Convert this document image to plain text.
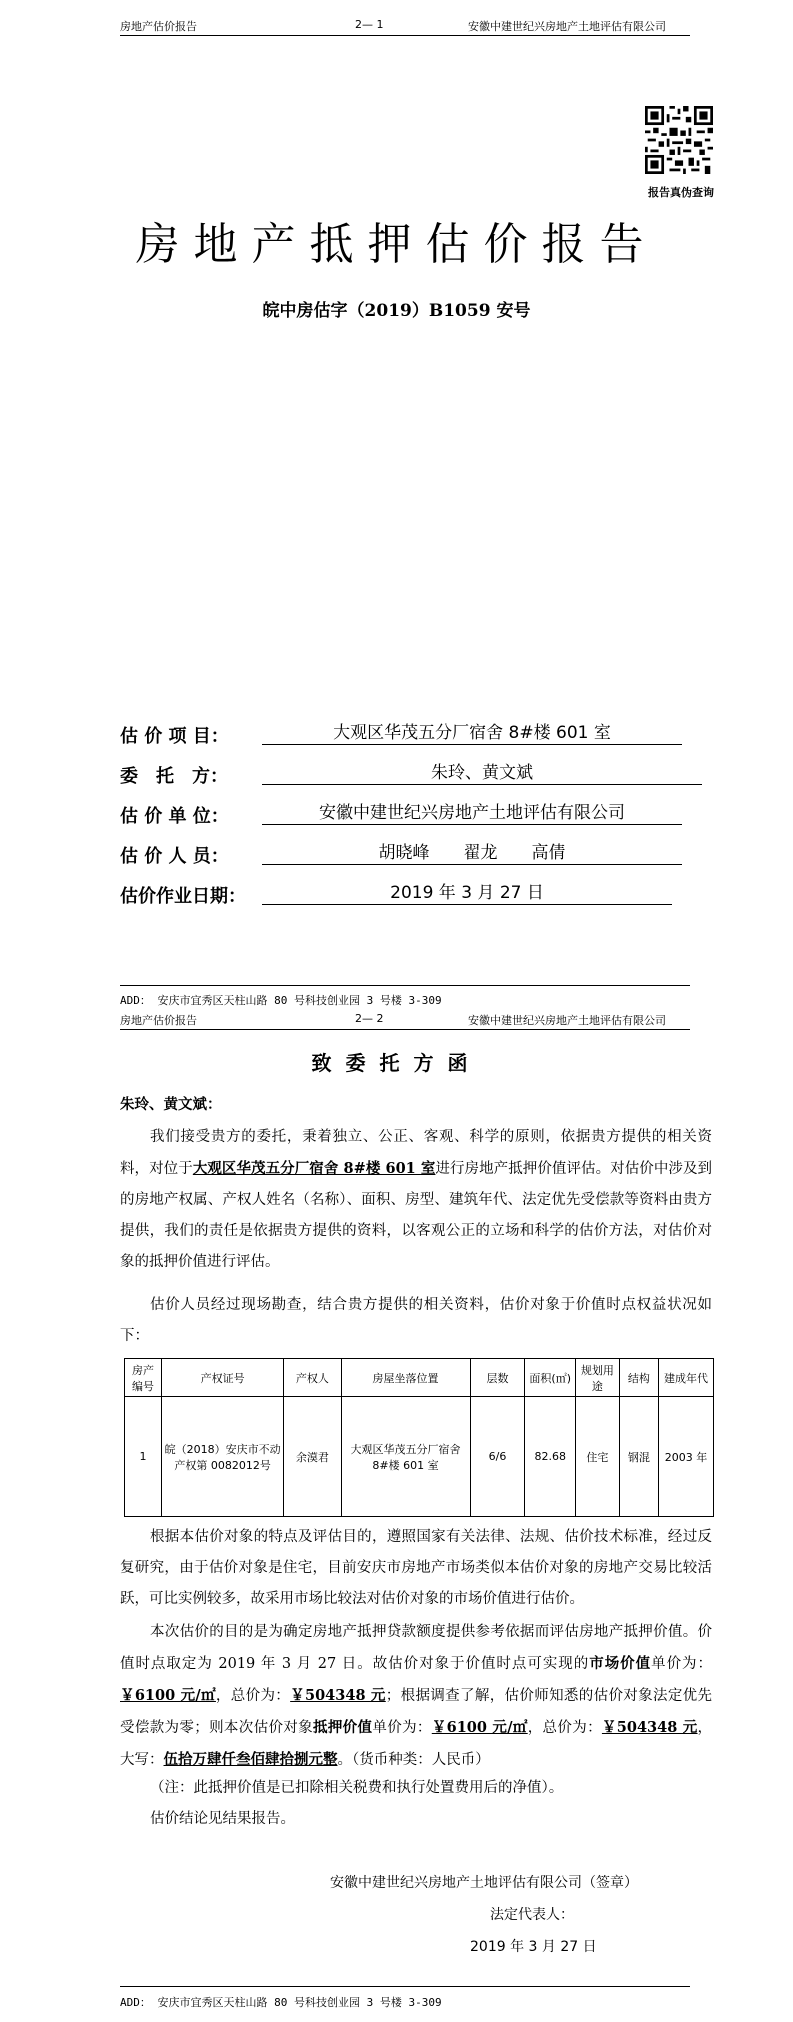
房地产估价报告	2— 1	安徽中建世纪兴房地产土地评估有限公司
报告真伪查询
房地产抵押估价报告
皖中房估字（2019）B1059 安号
估 价 项 目：	大观区华茂五分厂宿舍 8#楼 601 室
委　托　方：	朱玲、黄文斌
估 价 单 位：	安徽中建世纪兴房地产土地评估有限公司
估 价 人 员：	胡晓峰　　翟龙　　高倩
估价作业日期：	2019 年 3 月 27 日
ADD： 安庆市宜秀区天柱山路 80 号科技创业园 3 号楼 3-309
房地产估价报告	2— 2	安徽中建世纪兴房地产土地评估有限公司
致委托方函
朱玲、黄文斌：
我们接受贵方的委托，秉着独立、公正、客观、科学的原则，依据贵方提供的相关资料，对位于大观区华茂五分厂宿舍 8#楼 601 室进行房地产抵押价值评估。对估价中涉及到的房地产权属、产权人姓名（名称）、面积、房型、建筑年代、法定优先受偿款等资料由贵方提供，我们的责任是依据贵方提供的资料，以客观公正的立场和科学的估价方法，对估价对象的抵押价值进行评估。
估价人员经过现场勘查，结合贵方提供的相关资料，估价对象于价值时点权益状况如下：
房产编号	产权证号	产权人	房屋坐落位置	层数	面积(㎡)	规划用途	结构	建成年代
1	皖（2018）安庆市不动产权第 0082012号	余漠君	大观区华茂五分厂宿舍 8#楼 601 室	6/6	82.68	住宅	钢混	2003 年
根据本估价对象的特点及评估目的，遵照国家有关法律、法规、估价技术标准，经过反复研究，由于估价对象是住宅，目前安庆市房地产市场类似本估价对象的房地产交易比较活跃，可比实例较多，故采用市场比较法对估价对象的市场价值进行估价。
本次估价的目的是为确定房地产抵押贷款额度提供参考依据而评估房地产抵押价值。价值时点取定为 2019 年 3 月 27 日。故估价对象于价值时点可实现的市场价值单价为：￥6100 元/㎡，总价为：￥504348 元；根据调查了解，估价师知悉的估价对象法定优先受偿款为零；则本次估价对象抵押价值单价为：￥6100 元/㎡，总价为：￥504348 元，大写：伍拾万肆仟叁佰肆拾捌元整。（货币种类：人民币）
（注：此抵押价值是已扣除相关税费和执行处置费用后的净值）。
估价结论见结果报告。
安徽中建世纪兴房地产土地评估有限公司（签章）
法定代表人：
2019 年 3 月 27 日
ADD： 安庆市宜秀区天柱山路 80 号科技创业园 3 号楼 3-309
